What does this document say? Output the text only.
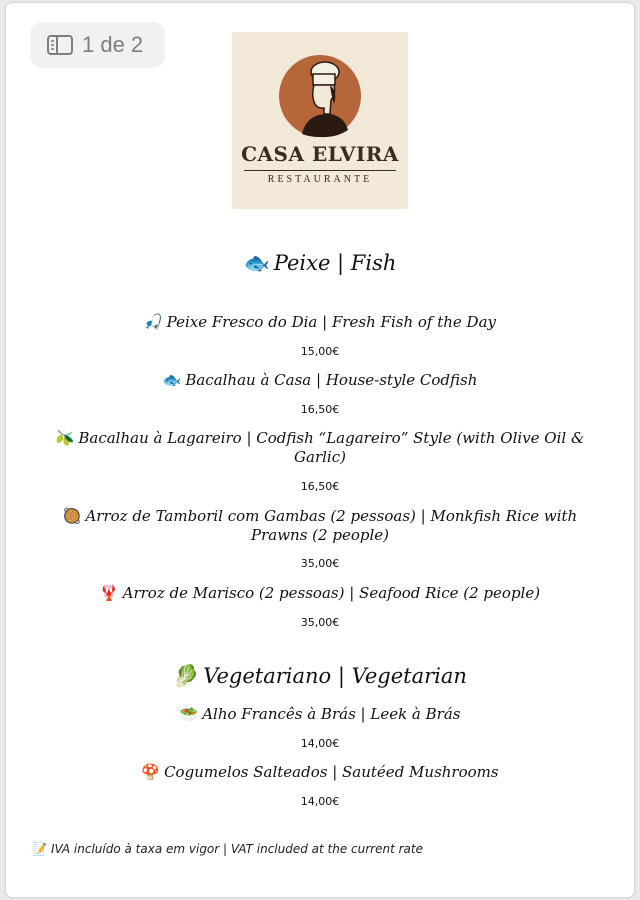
1 de 2
CASA ELVIRA
RESTAURANTE
🐟 Peixe | Fish
🎣 Peixe Fresco do Dia | Fresh Fish of the Day
15,00€
🐟 Bacalhau à Casa | House-style Codfish
16,50€
🫒 Bacalhau à Lagareiro | Codfish “Lagareiro” Style (with Olive Oil &
Garlic)
16,50€
🥘 Arroz de Tamboril com Gambas (2 pessoas) | Monkfish Rice with
Prawns (2 people)
35,00€
🦞 Arroz de Marisco (2 pessoas) | Seafood Rice (2 people)
35,00€
🥬 Vegetariano | Vegetarian
🥗 Alho Francês à Brás | Leek à Brás
14,00€
🍄 Cogumelos Salteados | Sautéed Mushrooms
14,00€
📝 IVA incluído à taxa em vigor | VAT included at the current rate
